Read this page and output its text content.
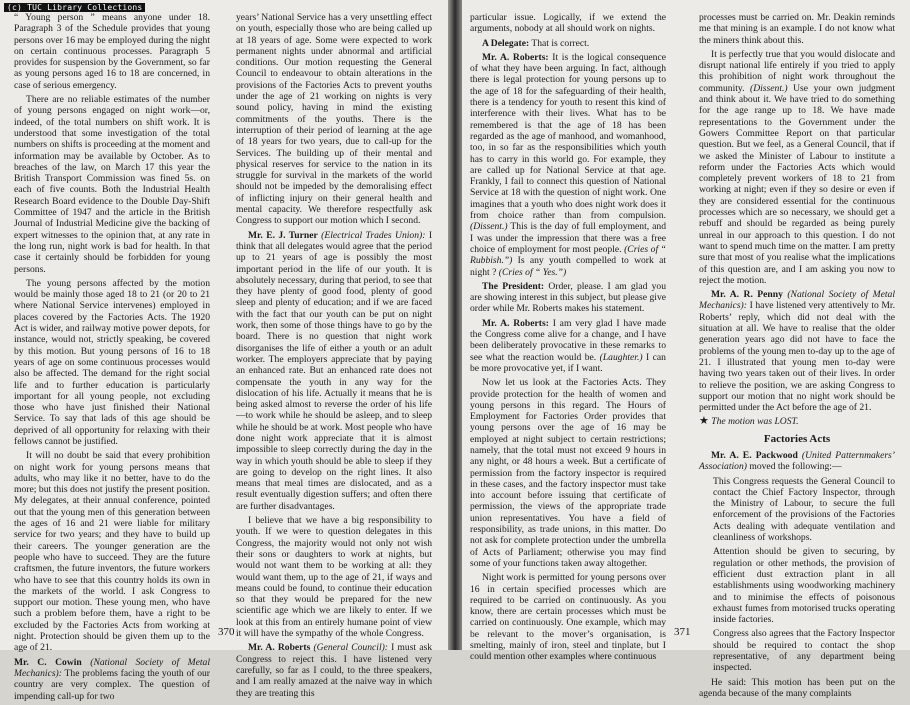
(c) TUC Library Collections

“ Young person ” means anyone under 18. Paragraph 3 of the Schedule provides that young persons over 16 may be employed during the night on certain continuous processes. Paragraph 5 provides for suspension by the Government, so far as young persons aged 16 to 18 are concerned, in case of serious emergency.

There are no reliable estimates of the number of young persons engaged on night work—or, indeed, of the total numbers on shift work. It is understood that some investigation of the total numbers on shifts is proceeding at the moment and information may be available by October. As to breaches of the law, on March 17 this year the British Transport Commission was fined 5s. on each of five counts. Both the Industrial Health Research Board evidence to the Double Day-Shift Committee of 1947 and the article in the British Journal of Industrial Medicine give the backing of expert witnesses to the opinion that, at any rate in the long run, night work is bad for health. In that case it certainly should be forbidden for young persons.

The young persons affected by the motion would be mainly those aged 18 to 21 (or 20 to 21 where National Service intervenes) employed in places covered by the Factories Acts. The 1920 Act is wider, and railway motive power depots, for instance, would not, strictly speaking, be covered by this motion. But young persons of 16 to 18 years of age on some continuous processes would also be affected. The demand for the right social life and to further education is particularly important for all young people, not excluding those who have just finished their National Service. To say that lads of this age should be deprived of all opportunity for relaxing with their fellows cannot be justified.

It will no doubt be said that every prohibition on night work for young persons means that adults, who may like it no better, have to do the more; but this does not justify the present position. My delegates, at their annual conference, pointed out that the young men of this generation between the ages of 16 and 21 were liable for military service for two years; and they have to build up their careers. The younger generation are the people who have to succeed. They are the future craftsmen, the future inventors, the future workers who have to see that this country holds its own in the markets of the world. I ask Congress to support our motion. These young men, who have such a problem before them, have a right to be excluded by the Factories Acts from working at night. Protection should be given them up to the age of 21.

Mr. C. Cowin (National Society of Metal Mechanics): The problems facing the youth of our country are very complex. The question of impending call-up for two

years’ National Service has a very unsettling effect on youth, especially those who are being called up at 18 years of age. Some were expected to work permanent nights under abnormal and artificial conditions. Our motion requesting the General Council to endeavour to obtain alterations in the provisions of the Factories Acts to prevent youths under the age of 21 working on nights is very sound policy, having in mind the existing commitments of the youths. There is the interruption of their period of learning at the age of 18 years for two years, due to call-up for the Services. The building up of their mental and physical reserves for service to the nation in its struggle for survival in the markets of the world should not be impeded by the demoralising effect of inflicting injury on their general health and mental capacity. We therefore respectfully ask Congress to support our motion which I second.

Mr. E. J. Turner (Electrical Trades Union): I think that all delegates would agree that the period up to 21 years of age is possibly the most important period in the life of our youth. It is absolutely necessary, during that period, to see that they have plenty of good food, plenty of good sleep and plenty of education; and if we are faced with the fact that our youth can be put on night work, then some of those things have to go by the board. There is no question that night work disorganises the life of either a youth or an adult worker. The employers appreciate that by paying an enhanced rate. But an enhanced rate does not compensate the youth in any way for the dislocation of his life. Actually it means that he is being asked almost to reverse the order of his life—to work while he should be asleep, and to sleep while he should be at work. Most people who have done night work appreciate that it is almost impossible to sleep correctly during the day in the way in which youth should be able to sleep if they are going to develop on the right lines. It also means that meal times are dislocated, and as a result eventually digestion suffers; and often there are further disadvantages.

I believe that we have a big responsibility to youth. If we were to question delegates in this Congress, the majority would not only not wish their sons or daughters to work at nights, but would not want them to be working at all: they would want them, up to the age of 21, if ways and means could be found, to continue their education so that they would be prepared for the new scientific age which we are likely to enter. If we look at this from an entirely humane point of view it will have the sympathy of the whole Congress.

Mr. A. Roberts (General Council): I must ask Congress to reject this. I have listened very carefully, so far as I could, to the three speakers, and I am really amazed at the naive way in which they are treating this

370

particular issue. Logically, if we extend the arguments, nobody at all should work on nights.

A Delegate: That is correct.

Mr. A. Roberts: It is the logical consequence of what they have been arguing. In fact, although there is legal protection for young persons up to the age of 18 for the safeguarding of their health, there is a tendency for youth to resent this kind of interference with their lives. What has to be remembered is that the age of 18 has been regarded as the age of manhood, and womanhood, too, in so far as the responsibilities which youth has to carry in this world go. For example, they are called up for National Service at that age. Frankly, I fail to connect this question of National Service at 18 with the question of night work. One imagines that a youth who does night work does it from choice rather than from compulsion. (Dissent.) This is the day of full employment, and I was under the impression that there was a free choice of employment for most people. (Cries of “ Rubbish.”) Is any youth compelled to work at night ? (Cries of “ Yes.”)

The President: Order, please. I am glad you are showing interest in this subject, but please give order while Mr. Roberts makes his statement.

Mr. A. Roberts: I am very glad I have made the Congress come alive for a change, and I have been deliberately provocative in these remarks to see what the reaction would be. (Laughter.) I can be more provocative yet, if I want.

Now let us look at the Factories Acts. They provide protection for the health of women and young persons in this regard. The Hours of Employment for Factories Order provides that young persons over the age of 16 may be employed at night subject to certain restrictions; namely, that the total must not exceed 9 hours in any night, or 48 hours a week. But a certificate of permission from the factory inspector is required in these cases, and the factory inspector must take into account before issuing that certificate of permission, the views of the appropriate trade union representatives. You have a field of responsibility, as trade unions, in this matter. Do not ask for complete protection under the umbrella of Acts of Parliament; otherwise you may find some of your functions taken away altogether.

Night work is permitted for young persons over 16 in certain specified processes which are required to be carried on continuously. As you know, there are certain processes which must be carried on continuously. One example, which may be relevant to the mover’s organisation, is smelting, mainly of iron, steel and tinplate, but I could mention other examples where continuous

processes must be carried on. Mr. Deakin reminds me that mining is an example. I do not know what the miners think about this.

It is perfectly true that you would dislocate and disrupt national life entirely if you tried to apply this prohibition of night work throughout the community. (Dissent.) Use your own judgment and think about it. We have tried to do something for the age range up to 18. We have made representations to the Government under the Gowers Committee Report on that particular question. But we feel, as a General Council, that if we asked the Minister of Labour to institute a reform under the Factories Acts which would completely prevent workers of 18 to 21 from working at night; even if they so desire or even if they are considered essential for the continuous processes which are so necessary, we should get a rebuff and should be regarded as being purely unreal in our approach to this question. I do not want to spend much time on the matter. I am pretty sure that most of you realise what the implications of this question are, and I am asking you now to reject the motion.

Mr. A. R. Penny (National Society of Metal Mechanics): I have listened very attentively to Mr. Roberts’ reply, which did not deal with the situation at all. We have to realise that the older generation years ago did not have to face the problems of the young men to-day up to the age of 21. I illustrated that young men to-day were having two years taken out of their lives. In order to relieve the position, we are asking Congress to support our motion that no night work should be permitted under the Act before the age of 21.

★ The motion was LOST.

Factories Acts

Mr. A. E. Packwood (United Patternmakers’ Association) moved the following:—

This Congress requests the General Council to contact the Chief Factory Inspector, through the Ministry of Labour, to secure the full enforcement of the provisions of the Factories Acts dealing with adequate ventilation and cleanliness of workshops.

Attention should be given to securing, by regulation or other methods, the provision of efficient dust extraction plant in all establishments using woodworking machinery and to minimise the effects of poisonous exhaust fumes from motorised trucks operating inside factories.

Congress also agrees that the Factory Inspector should be required to contact the shop representative, of any department being inspected.

He said: This motion has been put on the agenda because of the many complaints

371
